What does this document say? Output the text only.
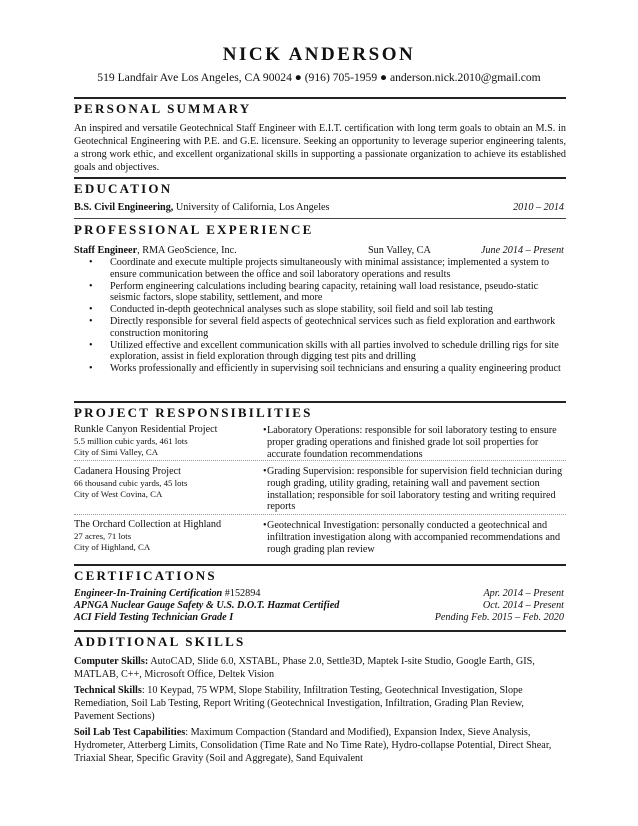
NICK ANDERSON
519 Landfair Ave Los Angeles, CA 90024 ● (916) 705-1959 ● anderson.nick.2010@gmail.com
PERSONAL SUMMARY
An inspired and versatile Geotechnical Staff Engineer with E.I.T. certification with long term goals to obtain an M.S. in Geotechnical Engineering with P.E. and G.E. licensure. Seeking an opportunity to leverage superior engineering talents, a strong work ethic, and excellent organizational skills in supporting a passionate organization to achieve its established goals and objectives.
EDUCATION
B.S. Civil Engineering, University of California, Los Angeles	2010 – 2014
PROFESSIONAL EXPERIENCE
Staff Engineer, RMA GeoScience, Inc.	Sun Valley, CA	June 2014 – Present
• Coordinate and execute multiple projects simultaneously with minimal assistance; implemented a system to ensure communication between the office and soil laboratory operations and results
• Perform engineering calculations including bearing capacity, retaining wall load resistance, pseudo-static seismic factors, slope stability, settlement, and more
• Conducted in-depth geotechnical analyses such as slope stability, soil field and soil lab testing
• Directly responsible for several field aspects of geotechnical services such as field exploration and earthwork construction monitoring
• Utilized effective and excellent communication skills with all parties involved to schedule drilling rigs for site exploration, assist in field exploration through digging test pits and drilling
• Works professionally and efficiently in supervising soil technicians and ensuring a quality engineering product
PROJECT RESPONSIBILITIES
Runkle Canyon Residential Project
5.5 million cubic yards, 461 lots
City of Simi Valley, CA
• Laboratory Operations: responsible for soil laboratory testing to ensure proper grading operations and finished grade lot soil properties for accurate foundation recommendations
Cadanera Housing Project
66 thousand cubic yards, 45 lots
City of West Covina, CA
• Grading Supervision: responsible for supervision field technician during rough grading, utility grading, retaining wall and pavement section installation; responsible for soil laboratory testing and writing required reports
The Orchard Collection at Highland
27 acres, 71 lots
City of Highland, CA
• Geotechnical Investigation: personally conducted a geotechnical and infiltration investigation along with accompanied recommendations and rough grading plan review
CERTIFICATIONS
Engineer-In-Training Certification #152894	Apr. 2014 – Present
APNGA Nuclear Gauge Safety & U.S. D.O.T. Hazmat Certified	Oct. 2014 – Present
ACI Field Testing Technician Grade I	Pending Feb. 2015 – Feb. 2020
ADDITIONAL SKILLS
Computer Skills: AutoCAD, Slide 6.0, XSTABL, Phase 2.0, Settle3D, Maptek I-site Studio, Google Earth, GIS, MATLAB, C++, Microsoft Office, Deltek Vision
Technical Skills: 10 Keypad, 75 WPM, Slope Stability, Infiltration Testing, Geotechnical Investigation, Slope Remediation, Soil Lab Testing, Report Writing (Geotechnical Investigation, Infiltration, Grading Plan Review, Pavement Sections)
Soil Lab Test Capabilities: Maximum Compaction (Standard and Modified), Expansion Index, Sieve Analysis, Hydrometer, Atterberg Limits, Consolidation (Time Rate and No Time Rate), Hydro-collapse Potential, Direct Shear, Triaxial Shear, Specific Gravity (Soil and Aggregate), Sand Equivalent
